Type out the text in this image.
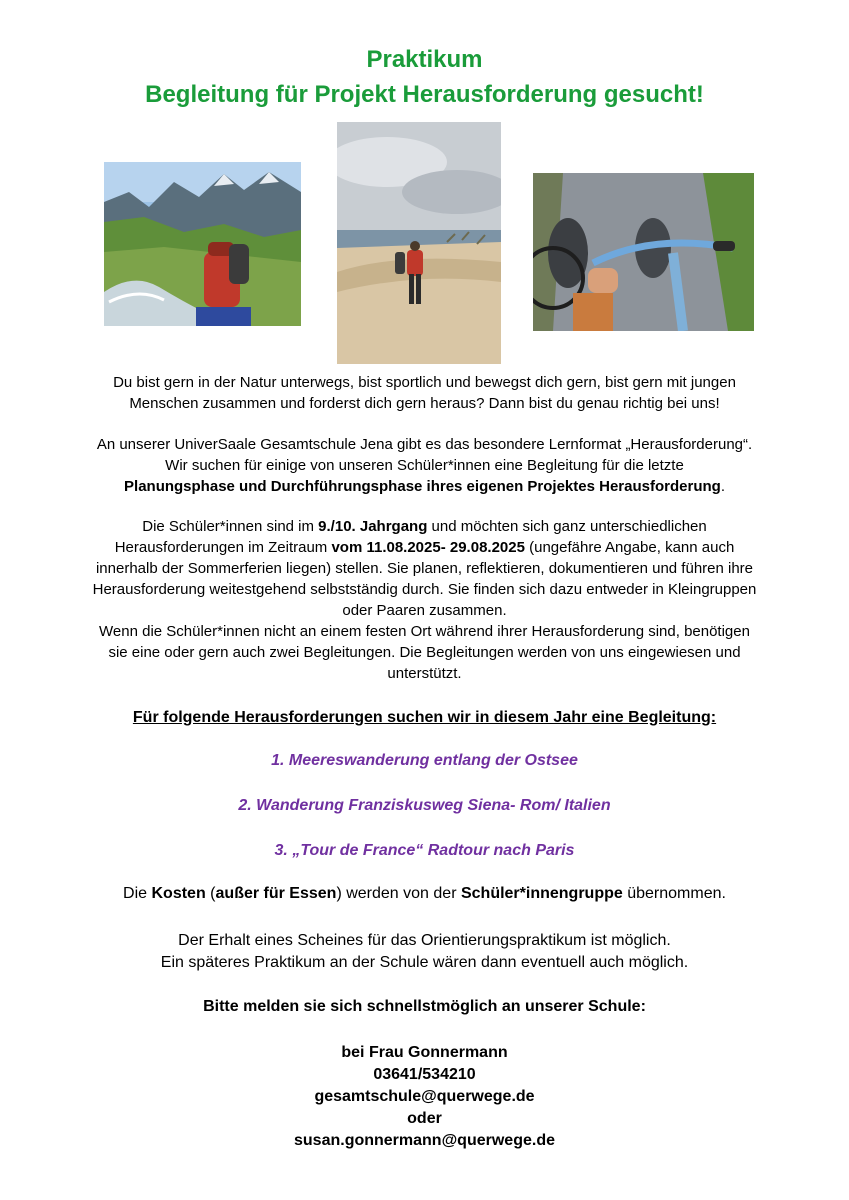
Praktikum
Begleitung für Projekt Herausforderung gesucht!
Du bist gern in der Natur unterwegs, bist sportlich und bewegst dich gern, bist gern mit jungen
Menschen zusammen und forderst dich gern heraus? Dann bist du genau richtig bei uns!
An unserer UniverSaale Gesamtschule Jena gibt es das besondere Lernformat „Herausforderung“.
Wir suchen für einige von unseren Schüler*innen eine Begleitung für die letzte
Planungsphase und Durchführungsphase ihres eigenen Projektes Herausforderung.
Die Schüler*innen sind im 9./10. Jahrgang und möchten sich ganz unterschiedlichen
Herausforderungen im Zeitraum vom 11.08.2025- 29.08.2025 (ungefähre Angabe, kann auch
innerhalb der Sommerferien liegen) stellen. Sie planen, reflektieren, dokumentieren und führen ihre
Herausforderung weitestgehend selbstständig durch. Sie finden sich dazu entweder in Kleingruppen
oder Paaren zusammen.
Wenn die Schüler*innen nicht an einem festen Ort während ihrer Herausforderung sind, benötigen
sie eine oder gern auch zwei Begleitungen. Die Begleitungen werden von uns eingewiesen und
unterstützt.
Für folgende Herausforderungen suchen wir in diesem Jahr eine Begleitung:
1. Meereswanderung entlang der Ostsee
2. Wanderung Franziskusweg Siena- Rom/ Italien
3. „Tour de France“ Radtour nach Paris
Die Kosten (außer für Essen) werden von der Schüler*innengruppe übernommen.
Der Erhalt eines Scheines für das Orientierungspraktikum ist möglich.
Ein späteres Praktikum an der Schule wären dann eventuell auch möglich.
Bitte melden sie sich schnellstmöglich an unserer Schule:
bei Frau Gonnermann
03641/534210
gesamtschule@querwege.de
oder
susan.gonnermann@querwege.de
